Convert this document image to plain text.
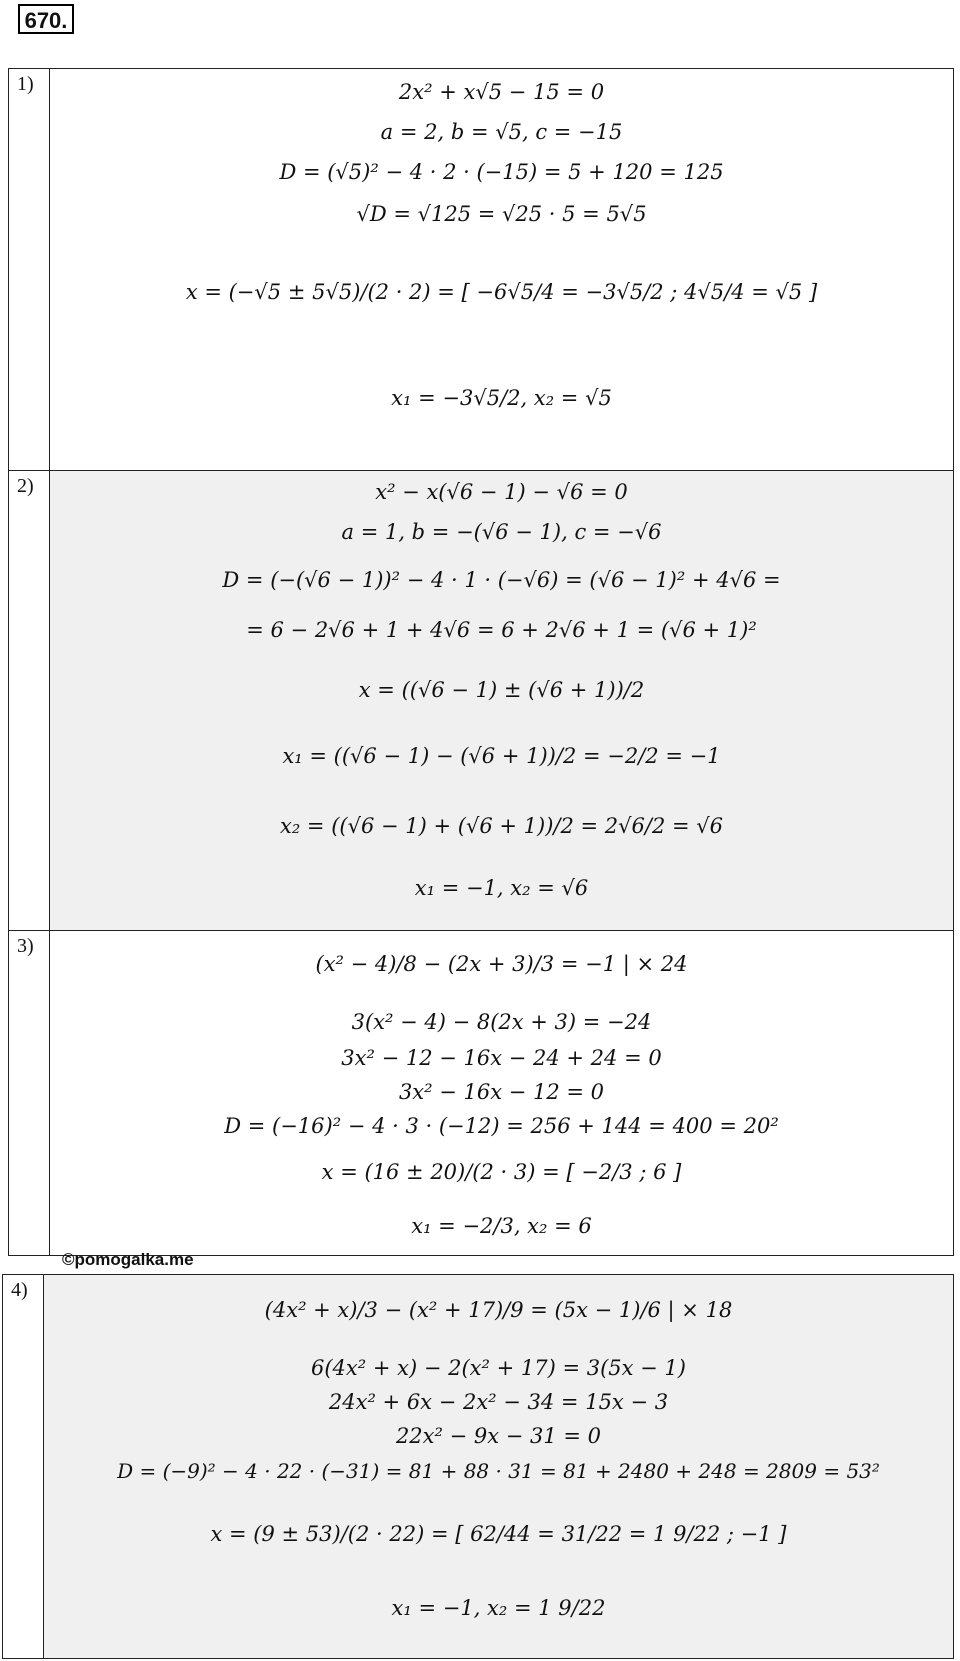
670.
1)	2x² + x√5 − 15 = 0
a = 2, b = √5, c = −15
D = (√5)² − 4 · 2 · (−15) = 5 + 120 = 125
√D = √125 = √25 · 5 = 5√5
x = (−√5 ± 5√5)/(2 · 2) = [ −6√5/4 = −3√5/2 ; 4√5/4 = √5 ]
x₁ = −3√5/2, x₂ = √5
2)	x² − x(√6 − 1) − √6 = 0
a = 1, b = −(√6 − 1), c = −√6
D = (−(√6 − 1))² − 4 · 1 · (−√6) = (√6 − 1)² + 4√6 =
= 6 − 2√6 + 1 + 4√6 = 6 + 2√6 + 1 = (√6 + 1)²
x = ((√6 − 1) ± (√6 + 1))/2
x₁ = ((√6 − 1) − (√6 + 1))/2 = −2/2 = −1
x₂ = ((√6 − 1) + (√6 + 1))/2 = 2√6/2 = √6
x₁ = −1, x₂ = √6
3)
(x² − 4)/8 − (2x + 3)/3 = −1 | × 24
3(x² − 4) − 8(2x + 3) = −24
3x² − 12 − 16x − 24 + 24 = 0
3x² − 16x − 12 = 0
D = (−16)² − 4 · 3 · (−12) = 256 + 144 = 400 = 20²
x = (16 ± 20)/(2 · 3) = [ −2/3 ; 6 ]
x₁ = −2/3, x₂ = 6
©pomogalka.me
4)
(4x² + x)/3 − (x² + 17)/9 = (5x − 1)/6 | × 18
6(4x² + x) − 2(x² + 17) = 3(5x − 1)
24x² + 6x − 2x² − 34 = 15x − 3
22x² − 9x − 31 = 0
D = (−9)² − 4 · 22 · (−31) = 81 + 88 · 31 = 81 + 2480 + 248 = 2809 = 53²
x = (9 ± 53)/(2 · 22) = [ 62/44 = 31/22 = 1 9/22 ; −1 ]
x₁ = −1, x₂ = 1 9/22
